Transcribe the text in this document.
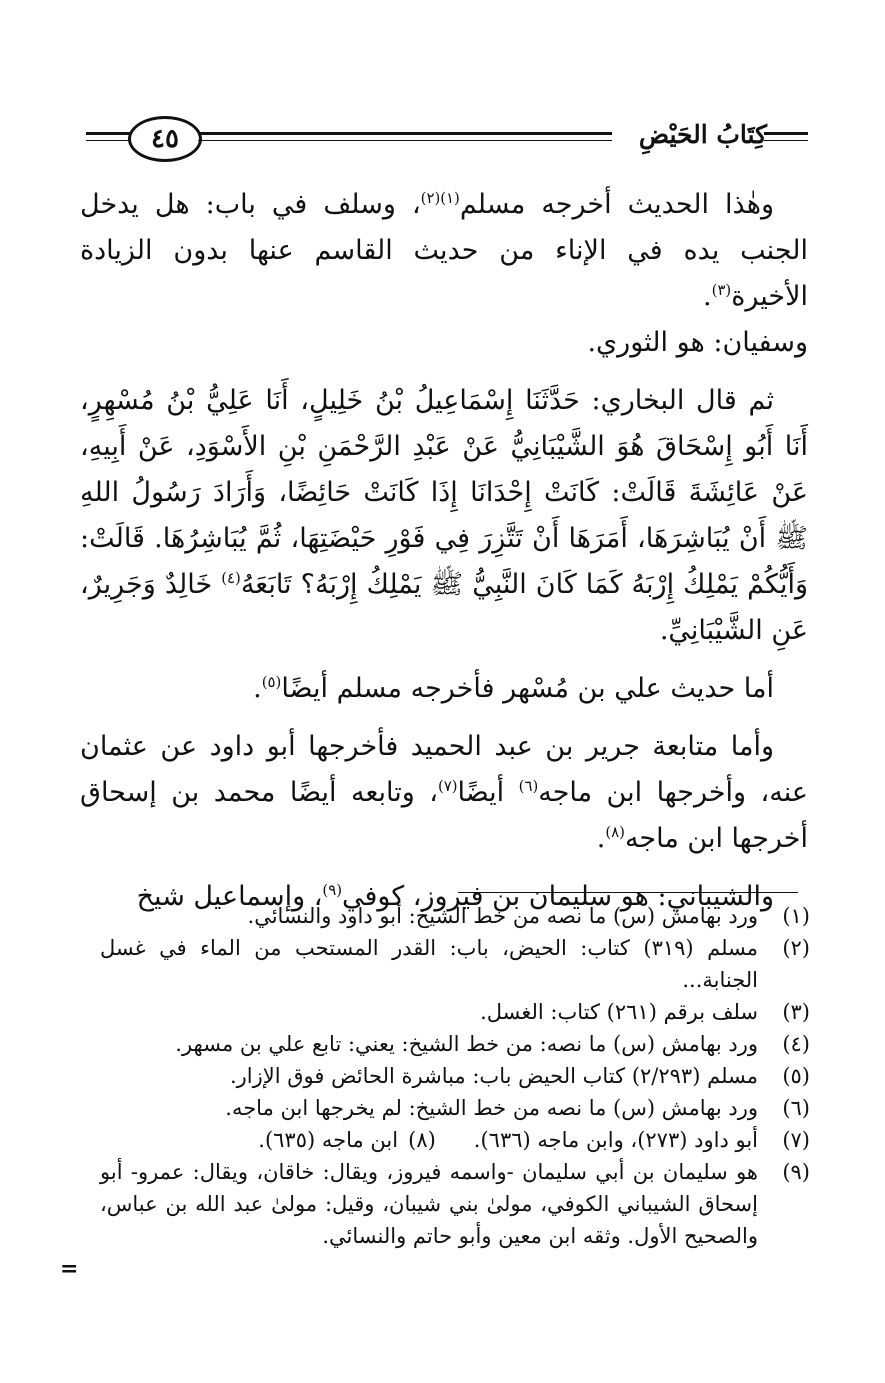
٤٥	كِتَابُ الحَيْضِ

وهٰذا الحديث أخرجه مسلم$^{(١)(٢)}$، وسلف في باب: هل يدخل الجنب يده في الإناء من حديث القاسم عنها بدون الزيادة الأخيرة$^{(٣)}$.

وسفيان: هو الثوري.

ثم قال البخاري: حَدَّثَنَا إِسْمَاعِيلُ بْنُ خَلِيلٍ، أَنَا عَلِيُّ بْنُ مُسْهِرٍ، أَنَا أَبُو إِسْحَاقَ هُوَ الشَّيْبَانِيُّ عَنْ عَبْدِ الرَّحْمَنِ بْنِ الأَسْوَدِ، عَنْ أَبِيهِ، عَنْ عَائِشَةَ قَالَتْ: كَانَتْ إِحْدَانَا إِذَا كَانَتْ حَائِضًا، وَأَرَادَ رَسُولُ اللهِ ﷺ أَنْ يُبَاشِرَهَا، أَمَرَهَا أَنْ تَتَّزِرَ فِي فَوْرِ حَيْضَتِهَا، ثُمَّ يُبَاشِرُهَا. قَالَتْ: وَأَيُّكُمْ يَمْلِكُ إِرْبَهُ كَمَا كَانَ النَّبِيُّ ﷺ يَمْلِكُ إِرْبَهُ؟ تَابَعَهُ$^{(٤)}$ خَالِدٌ وَجَرِيرٌ، عَنِ الشَّيْبَانِيِّ.

أما حديث علي بن مُسْهر فأخرجه مسلم أيضًا$^{(٥)}$.

وأما متابعة جرير بن عبد الحميد فأخرجها أبو داود عن عثمان عنه، وأخرجها ابن ماجه$^{(٦)}$ أيضًا$^{(٧)}$، وتابعه أيضًا محمد بن إسحاق أخرجها ابن ماجه$^{(٨)}$.

والشيباني: هو سليمان بن فيروز، كوفي$^{(٩)}$، وإسماعيل شيخ

(١)
ورد بهامش (س) ما نصه من خط الشيخ: أبو داود والنسائي.
(٢)
مسلم (٣١٩) كتاب: الحيض، باب: القدر المستحب من الماء في غسل الجنابة...
(٣)
سلف برقم (٢٦١) كتاب: الغسل.
(٤)
ورد بهامش (س) ما نصه: من خط الشيخ: يعني: تابع علي بن مسهر.
(٥)
مسلم (٢/٢٩٣) كتاب الحيض باب: مباشرة الحائض فوق الإزار.
(٦)
ورد بهامش (س) ما نصه من خط الشيخ: لم يخرجها ابن ماجه.
(٧)
أبو داود (٢٧٣)، وابن ماجه (٦٣٦).(٨)ابن ماجه (٦٣٥).
(٩)
هو سليمان بن أبي سليمان -واسمه فيروز، ويقال: خاقان، ويقال: عمرو- أبو إسحاق الشيباني الكوفي، مولىٰ بني شيبان، وقيل: مولىٰ عبد الله بن عباس، والصحيح الأول. وثقه ابن معين وأبو حاتم والنسائي.
=
